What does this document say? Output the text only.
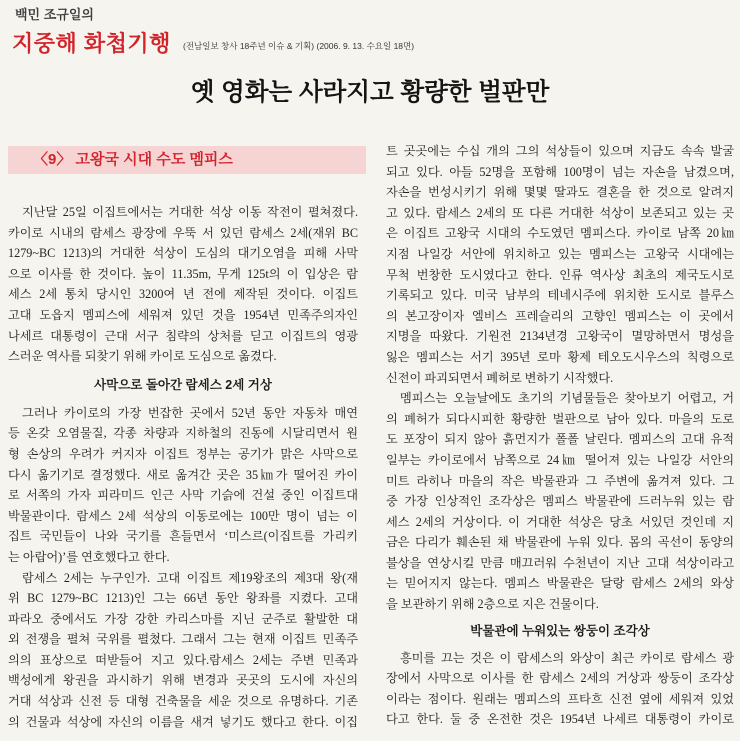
백민 조규일의
지중해 화첩기행 (전남일보 창사 18주년 이슈 & 기획) (2006. 9. 13. 수요일 18면)
옛 영화는 사라지고 황량한 벌판만
〈9〉 고왕국 시대 수도 멤피스
지난달 25일 이집트에서는 거대한 석상 이동 작전이 펼쳐졌다.
카이로 시내의 람세스 광장에 우뚝 서 있던 람세스 2세(재위 BC
1279~BC 1213)의 거대한 석상이 도심의 대기오염을 피해 사막
으로 이사를 한 것이다. 높이 11.35m, 무게 125t의 이 입상은 람
세스 2세 통치 당시인 3200여 년 전에 제작된 것이다. 이집트
고대 도읍지 멤피스에 세워져 있던 것을 1954년 민족주의자인
나세르 대통령이 근대 서구 침략의 상처를 딛고 이집트의 영광
스러운 역사를 되찾기 위해 카이로 도심으로 옮겼다.
사막으로 돌아간 람세스 2세 거상
그러나 카이로의 가장 번잡한 곳에서 52년 동안 자동차 매연
등 온갖 오염물질, 각종 차량과 지하철의 진동에 시달리면서 원
형 손상의 우려가 커지자 이집트 정부는 공기가 맑은 사막으로
다시 옮기기로 결정했다. 새로 옮겨간 곳은 35㎞가 떨어진 카이
로 서쪽의 가자 피라미드 인근 사막 기슭에 건설 중인 이집트대
박물관이다. 람세스 2세 석상의 이동로에는 100만 명이 넘는 이
집트 국민들이 나와 국기를 흔들면서 ‘미스르(이집트를 가리키
는 아랍어)’를 연호했다고 한다.
람세스 2세는 누구인가. 고대 이집트 제19왕조의 제3대 왕(재
위 BC 1279~BC 1213)인 그는 66년 동안 왕좌를 지켰다. 고대
파라오 중에서도 가장 강한 카리스마를 지닌 군주로 활발한 대
외 전쟁을 펼쳐 국위를 펼쳤다. 그래서 그는 현재 이집트 민족주
의의 표상으로 떠받들어 지고 있다.람세스 2세는 주변 민족과
백성에게 왕권을 과시하기 위해 변경과 곳곳의 도시에 자신의
거대 석상과 신전 등 대형 건축물을 세운 것으로 유명하다. 기존
의 건물과 석상에 자신의 이름을 새겨 넣기도 했다고 한다. 이집
트 곳곳에는 수십 개의 그의 석상들이 있으며 지금도 속속 발굴
되고 있다. 아들 52명을 포함해 100명이 넘는 자손을 남겼으며,
자손을 번성시키기 위해 몇몇 딸과도 결혼을 한 것으로 알려지
고 있다. 람세스 2세의 또 다른 거대한 석상이 보존되고 있는 곳
은 이집트 고왕국 시대의 수도였던 멤피스다. 카이로 남쪽 20㎞
지점 나일강 서안에 위치하고 있는 멤피스는 고왕국 시대에는
무척 번창한 도시였다고 한다. 인류 역사상 최초의 제국도시로
기록되고 있다. 미국 남부의 테네시주에 위치한 도시로 블루스
의 본고장이자 엘비스 프레슬리의 고향인 멤피스는 이 곳에서
지명을 따왔다. 기원전 2134년경 고왕국이 멸망하면서 명성을
잃은 멤피스는 서기 395년 로마 황제 테오도시우스의 칙령으로
신전이 파괴되면서 폐허로 변하기 시작했다.
멤피스는 오늘날에도 초기의 기념물들은 찾아보기 어렵고, 거
의 폐허가 되다시피한 황량한 벌판으로 남아 있다. 마을의 도로
도 포장이 되지 않아 흙먼지가 폴폴 날린다. 멤피스의 고대 유적
일부는 카이로에서 남쪽으로 24㎞ 떨어져 있는 나일강 서안의
미트 라히나 마을의 작은 박물관과 그 주변에 옮겨져 있다. 그
중 가장 인상적인 조각상은 멤피스 박물관에 드러누워 있는 람
세스 2세의 거상이다. 이 거대한 석상은 당초 서있던 것인데 지
금은 다리가 훼손된 채 박물관에 누워 있다. 몸의 곡선이 동양의
불상을 연상시킬 만큼 매끄러워 수천년이 지난 고대 석상이라고
는 믿어지지 않는다. 멤피스 박물관은 달랑 람세스 2세의 와상
을 보관하기 위해 2층으로 지은 건물이다.
박물관에 누워있는 쌍둥이 조각상
흥미를 끄는 것은 이 람세스의 와상이 최근 카이로 람세스 광
장에서 사막으로 이사를 한 람세스 2세의 거상과 쌍둥이 조각상
이라는 점이다. 원래는 멤피스의 프타흐 신전 옆에 세워져 있었
다고 한다. 둘 중 온전한 것은 1954년 나세르 대통령이 카이로
